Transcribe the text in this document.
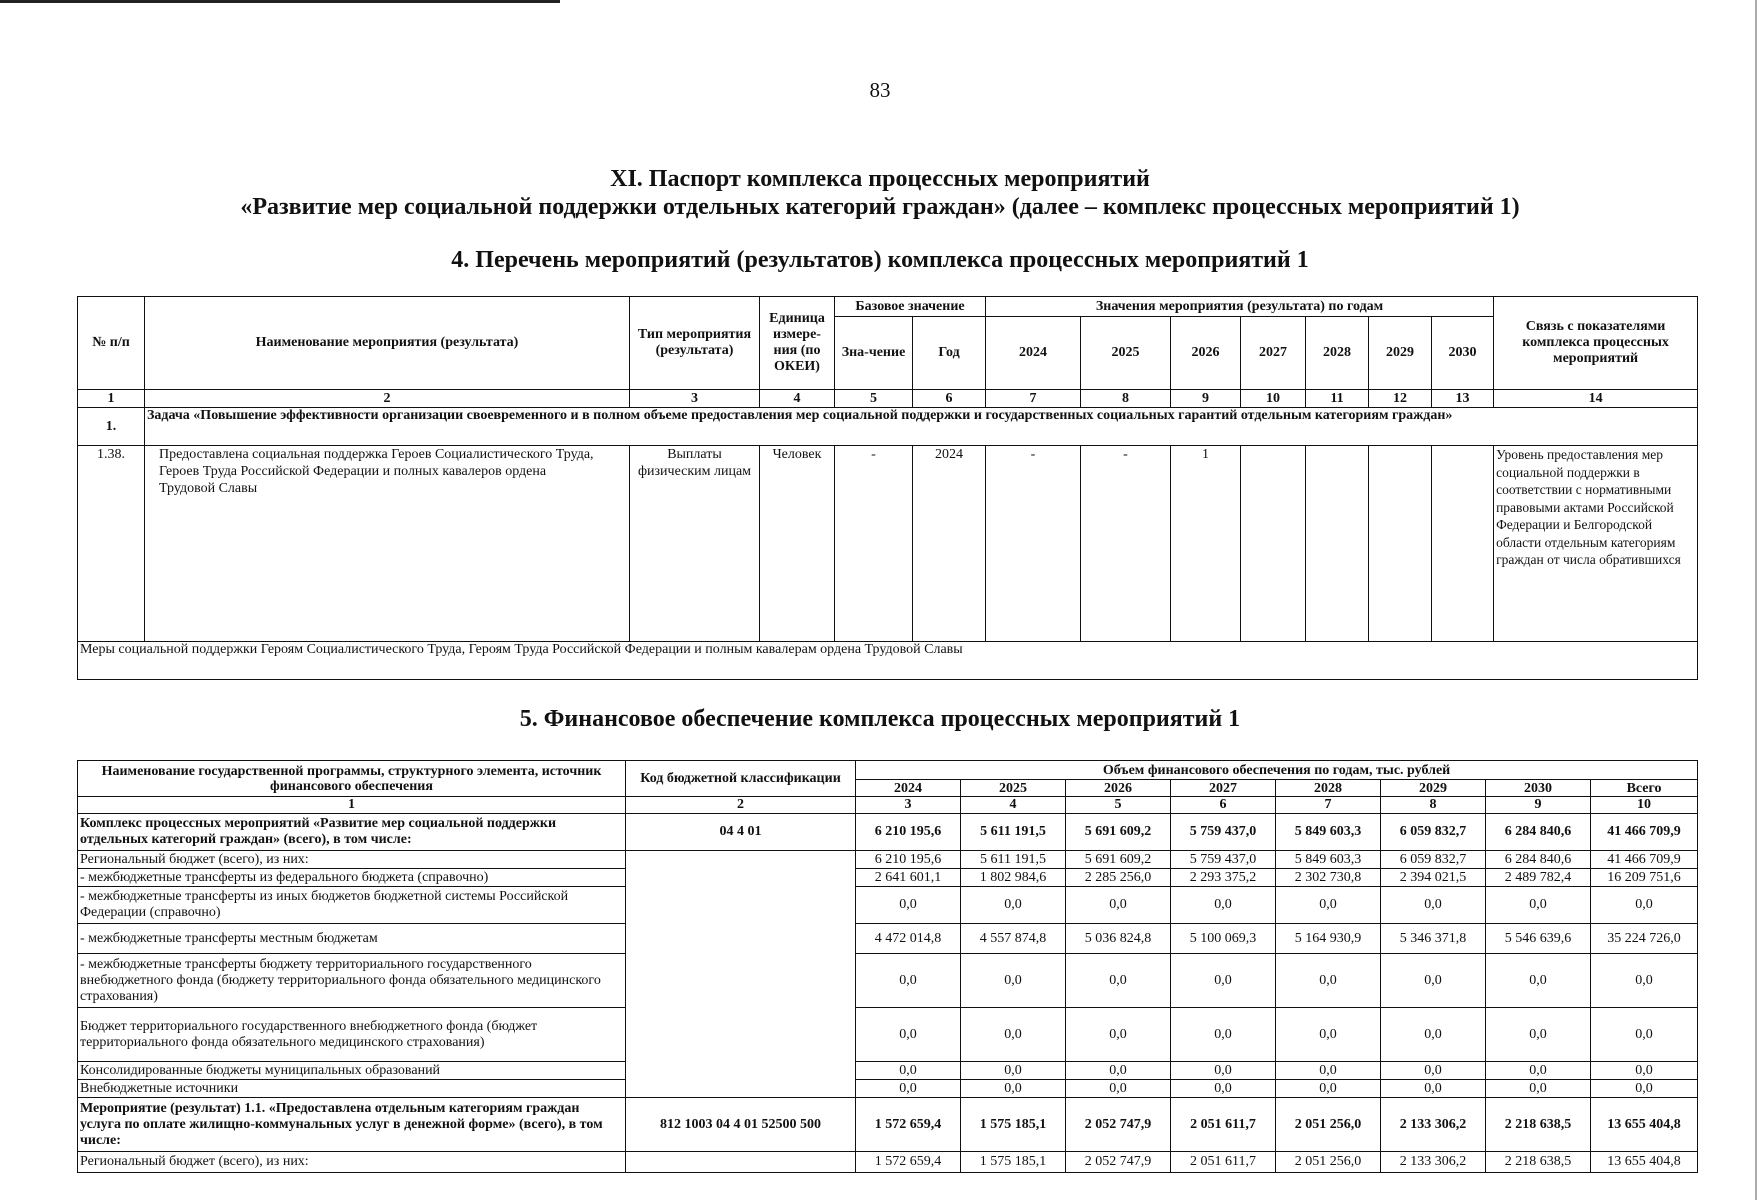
83
XI. Паспорт комплекса процессных мероприятий
«Развитие мер социальной поддержки отдельных категорий граждан» (далее – комплекс процессных мероприятий 1)
4. Перечень мероприятий (результатов) комплекса процессных мероприятий 1
№ п/п	Наименование мероприятия (результата)	Тип мероприятия (результата)	Единица измере-ния (по ОКЕИ)	Базовое значение		Значения мероприятия (результата) по годам							Связь с показателями комплекса процессных мероприятий
				Зна-чение	Год	2024	2025	2026	2027	2028	2029	2030	
1	2	3	4	5	6	7	8	9	10	11	12	13	14
1.	Задача «Повышение эффективности организации своевременного и в полном объеме предоставления мер социальной поддержки и государственных социальных гарантий отдельным категориям граждан»												
1.38.	Предоставлена социальная поддержка Героев Социалистического Труда, Героев Труда Российской Федерации и полных кавалеров ордена Трудовой Славы	Выплаты физическим лицам	Человек	-	2024	-	-	1					Уровень предоставления мер социальной поддержки в соответствии с нормативными правовыми актами Российской Федерации и Белгородской области отдельным категориям граждан от числа обратившихся
Меры социальной поддержки Героям Социалистического Труда, Героям Труда Российской Федерации и полным кавалерам ордена Трудовой Славы													
5. Финансовое обеспечение комплекса процессных мероприятий 1
Наименование государственной программы, структурного элемента, источник финансового обеспечения	Код бюджетной классификации	Объем финансового обеспечения по годам, тыс. рублей							
		2024	2025	2026	2027	2028	2029	2030	Всего
1	2	3	4	5	6	7	8	9	10
Комплекс процессных мероприятий «Развитие мер социальной поддержки отдельных категорий граждан» (всего), в том числе:	04 4 01	6 210 195,6	5 611 191,5	5 691 609,2	5 759 437,0	5 849 603,3	6 059 832,7	6 284 840,6	41 466 709,9
Региональный бюджет (всего), из них:		6 210 195,6	5 611 191,5	5 691 609,2	5 759 437,0	5 849 603,3	6 059 832,7	6 284 840,6	41 466 709,9
- межбюджетные трансферты из федерального бюджета (справочно)		2 641 601,1	1 802 984,6	2 285 256,0	2 293 375,2	2 302 730,8	2 394 021,5	2 489 782,4	16 209 751,6
- межбюджетные трансферты из иных бюджетов бюджетной системы Российской Федерации (справочно)		0,0	0,0	0,0	0,0	0,0	0,0	0,0	0,0
- межбюджетные трансферты местным бюджетам		4 472 014,8	4 557 874,8	5 036 824,8	5 100 069,3	5 164 930,9	5 346 371,8	5 546 639,6	35 224 726,0
- межбюджетные трансферты бюджету территориального государственного внебюджетного фонда (бюджету территориального фонда обязательного медицинского страхования)		0,0	0,0	0,0	0,0	0,0	0,0	0,0	0,0
Бюджет территориального государственного внебюджетного фонда (бюджет территориального фонда обязательного медицинского страхования)		0,0	0,0	0,0	0,0	0,0	0,0	0,0	0,0
Консолидированные бюджеты муниципальных образований		0,0	0,0	0,0	0,0	0,0	0,0	0,0	0,0
Внебюджетные источники		0,0	0,0	0,0	0,0	0,0	0,0	0,0	0,0
Мероприятие (результат) 1.1. «Предоставлена отдельным категориям граждан услуга по оплате жилищно-коммунальных услуг в денежной форме» (всего), в том числе:	812 1003 04 4 01 52500 500	1 572 659,4	1 575 185,1	2 052 747,9	2 051 611,7	2 051 256,0	2 133 306,2	2 218 638,5	13 655 404,8
Региональный бюджет (всего), из них:		1 572 659,4	1 575 185,1	2 052 747,9	2 051 611,7	2 051 256,0	2 133 306,2	2 218 638,5	13 655 404,8
